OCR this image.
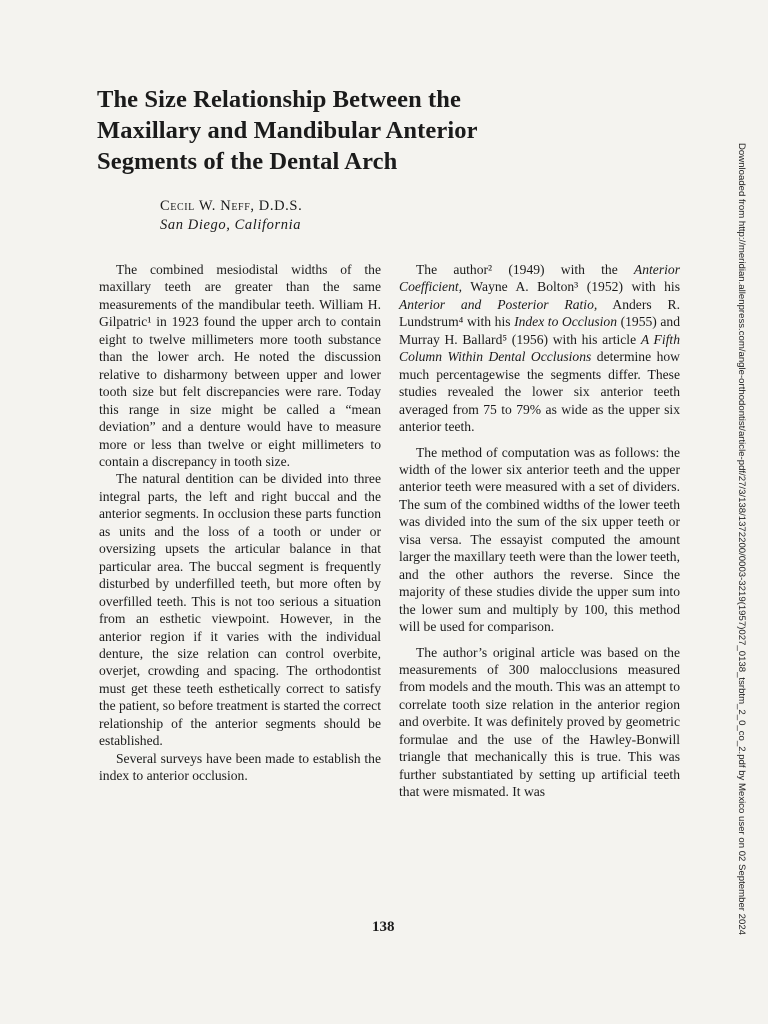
The Size Relationship Between the
Maxillary and Mandibular Anterior
Segments of the Dental Arch
Cecil W. Neff, D.D.S.
San Diego, California

The combined mesiodistal widths of the maxillary teeth are greater than the same measurements of the mandibular teeth. William H. Gilpatric¹ in 1923 found the upper arch to contain eight to twelve millimeters more tooth substance than the lower arch. He noted the discussion relative to disharmony between upper and lower tooth size but felt discrepancies were rare. Today this range in size might be called a “mean deviation” and a denture would have to measure more or less than twelve or eight millimeters to contain a discrepancy in tooth size.

The natural dentition can be divided into three integral parts, the left and right buccal and the anterior segments. In occlusion these parts function as units and the loss of a tooth or under or oversizing upsets the articular balance in that particular area. The buccal segment is frequently disturbed by underfilled teeth, but more often by overfilled teeth. This is not too serious a situation from an esthetic viewpoint. However, in the anterior region if it varies with the individual denture, the size relation can control overbite, overjet, crowding and spacing. The orthodontist must get these teeth esthetically correct to satisfy the patient, so before treatment is started the correct relationship of the anterior segments should be established.

Several surveys have been made to establish the index to anterior occlusion.

The author² (1949) with the Anterior Coefficient, Wayne A. Bolton³ (1952) with his Anterior and Posterior Ratio, Anders R. Lundstrum⁴ with his Index to Occlusion (1955) and Murray H. Ballard⁵ (1956) with his article A Fifth Column Within Dental Occlusions determine how much percentagewise the segments differ. These studies revealed the lower six anterior teeth averaged from 75 to 79% as wide as the upper six anterior teeth.

The method of computation was as follows: the width of the lower six anterior teeth and the upper anterior teeth were measured with a set of dividers. The sum of the combined widths of the lower teeth was divided into the sum of the six upper teeth or visa versa. The essayist computed the amount larger the maxillary teeth were than the lower teeth, and the other authors the reverse. Since the majority of these studies divide the upper sum into the lower sum and multiply by 100, this method will be used for comparison.

The author’s original article was based on the measurements of 300 malocclusions measured from models and the mouth. This was an attempt to correlate tooth size relation in the anterior region and overbite. It was definitely proved by geometric formulae and the use of the Hawley-Bonwill triangle that mechanically this is true. This was further substantiated by setting up artificial teeth that were mismated. It was

138	Downloaded from http://meridian.allenpress.com/angle-orthodontist/article-pdf/27/3/138/1372200/0003-3219(1957)027_0138_tsrbtm_2_0_co_2.pdf by Mexico user on 02 September 2024
